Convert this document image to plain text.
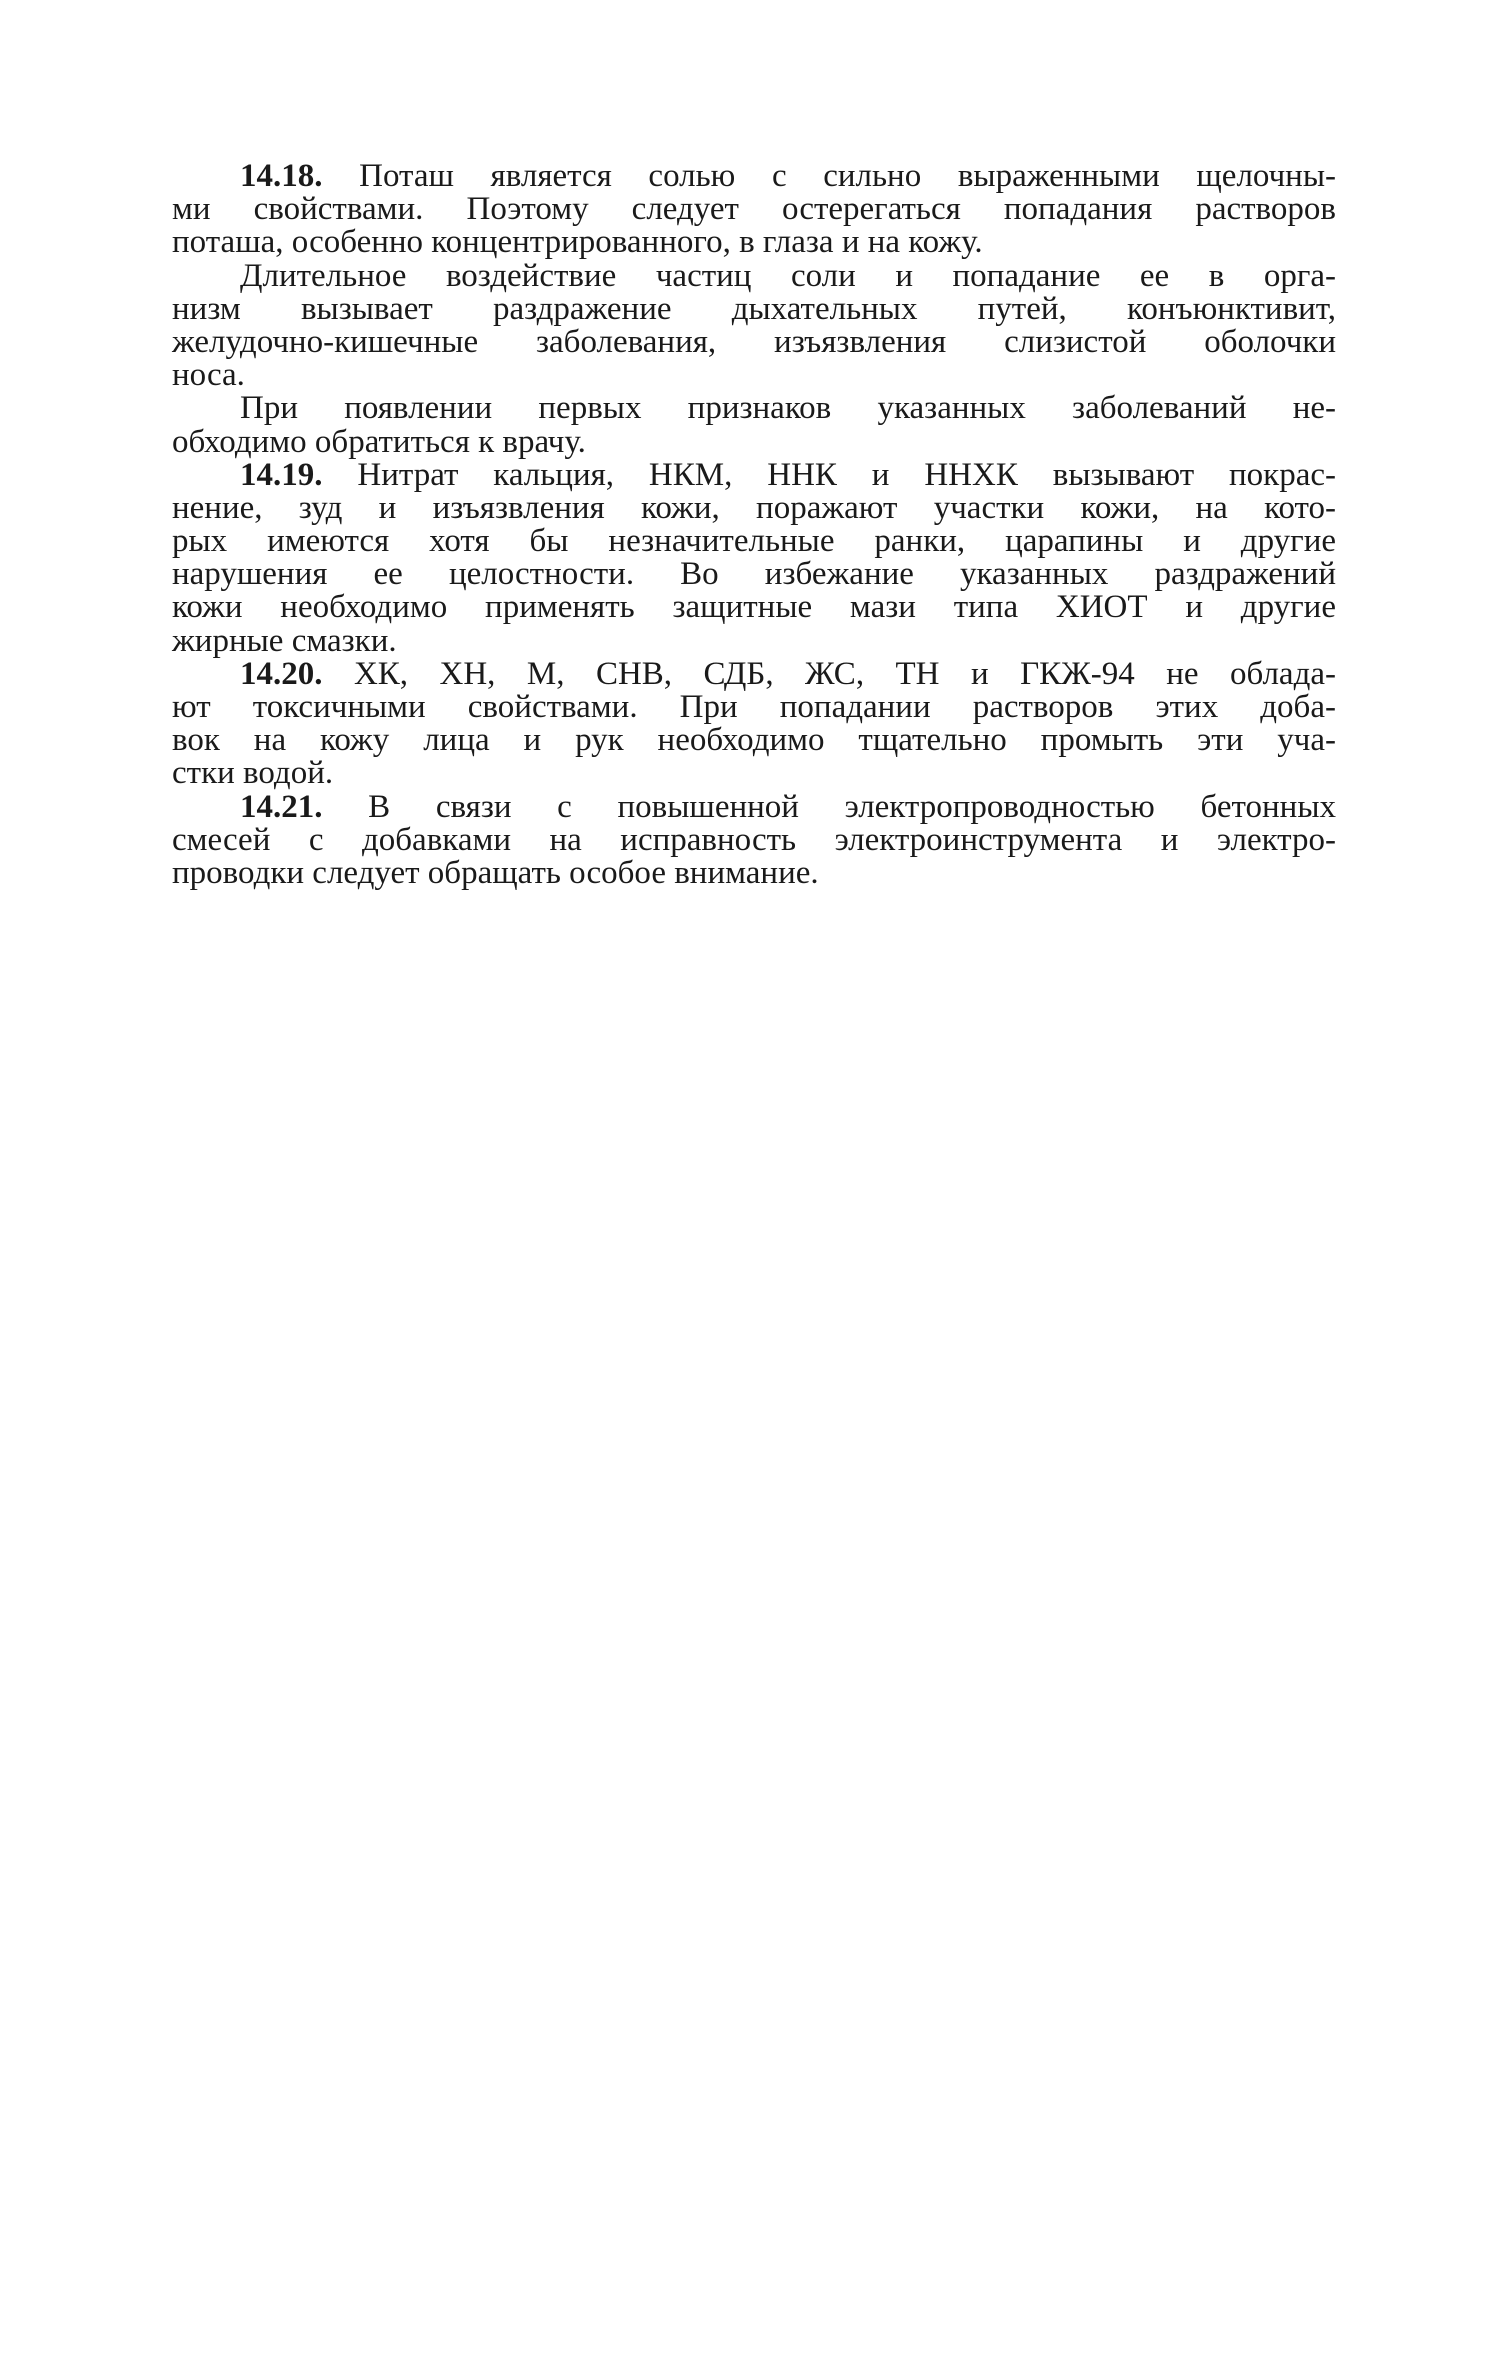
14.18. Поташ является солью с сильно выраженными щелочны-
ми свойствами. Поэтому следует остерегаться попадания растворов
поташа, особенно концентрированного, в глаза и на кожу.
Длительное воздействие частиц соли и попадание ее в орга-
низм вызывает раздражение дыхательных путей, конъюнктивит,
желудочно-кишечные заболевания, изъязвления слизистой оболочки
носа.
При появлении первых признаков указанных заболеваний не-
обходимо обратиться к врачу.
14.19. Нитрат кальция, НКМ, ННК и ННХК вызывают покрас-
нение, зуд и изъязвления кожи, поражают участки кожи, на кото-
рых имеются хотя бы незначительные ранки, царапины и другие
нарушения ее целостности. Во избежание указанных раздражений
кожи необходимо применять защитные мази типа ХИОТ и другие
жирные смазки.
14.20. ХК, ХН, М, СНВ, СДБ, ЖС, ТН и ГКЖ-94 не облада-
ют токсичными свойствами. При попадании растворов этих доба-
вок на кожу лица и рук необходимо тщательно промыть эти уча-
стки водой.
14.21. В связи с повышенной электропроводностью бетонных
смесей с добавками на исправность электроинструмента и электро-
проводки следует обращать особое внимание.
